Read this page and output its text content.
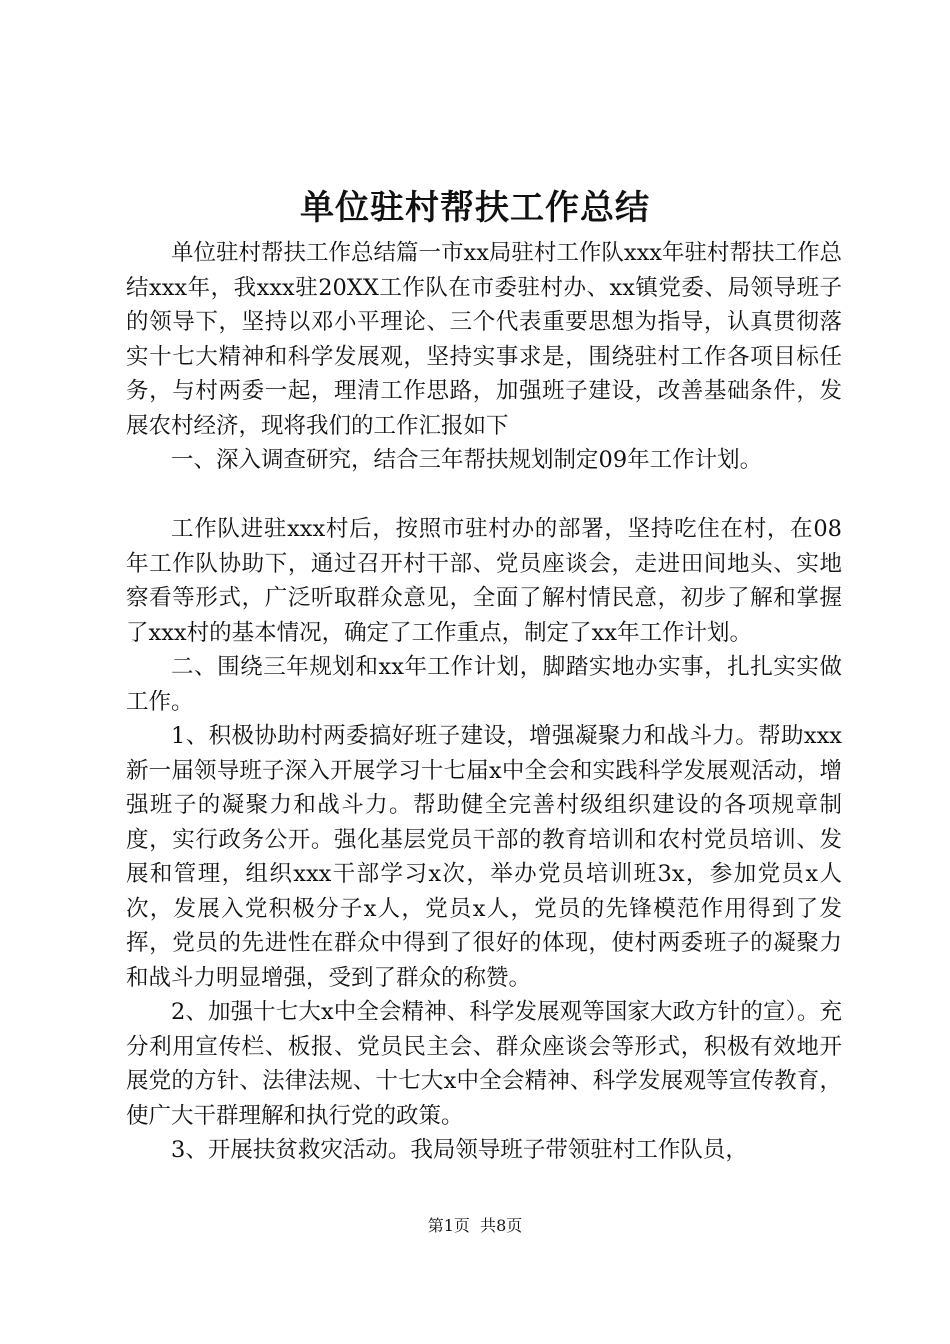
单位驻村帮扶工作总结

单位驻村帮扶工作总结篇一市xx局驻村工作队xxx年驻村帮扶工作总结xxx年，我xxx驻20XX工作队在市委驻村办、xx镇党委、局领导班子的领导下，坚持以邓小平理论、三个代表重要思想为指导，认真贯彻落实十七大精神和科学发展观，坚持实事求是，围绕驻村工作各项目标任务，与村两委一起，理清工作思路，加强班子建设，改善基础条件，发展农村经济，现将我们的工作汇报如下

一、深入调查研究，结合三年帮扶规划制定09年工作计划。

工作队进驻xxx村后，按照市驻村办的部署，坚持吃住在村，在08年工作队协助下，通过召开村干部、党员座谈会，走进田间地头、实地察看等形式，广泛听取群众意见，全面了解村情民意，初步了解和掌握了xxx村的基本情况，确定了工作重点，制定了xx年工作计划。

二、围绕三年规划和xx年工作计划，脚踏实地办实事，扎扎实实做工作。

1、积极协助村两委搞好班子建设，增强凝聚力和战斗力。帮助xxx新一届领导班子深入开展学习十七届x中全会和实践科学发展观活动，增强班子的凝聚力和战斗力。帮助健全完善村级组织建设的各项规章制度，实行政务公开。强化基层党员干部的教育培训和农村党员培训、发展和管理，组织xxx干部学习x次，举办党员培训班3x，参加党员x人次，发展入党积极分子x人，党员x人，党员的先锋模范作用得到了发挥，党员的先进性在群众中得到了很好的体现，使村两委班子的凝聚力和战斗力明显增强，受到了群众的称赞。

2、加强十七大x中全会精神、科学发展观等国家大政方针的宣）。充分利用宣传栏、板报、党员民主会、群众座谈会等形式，积极有效地开展党的方针、法律法规、十七大x中全会精神、科学发展观等宣传教育，使广大干群理解和执行党的政策。

3、开展扶贫救灾活动。我局领导班子带领驻村工作队员，

第1页 共8页
